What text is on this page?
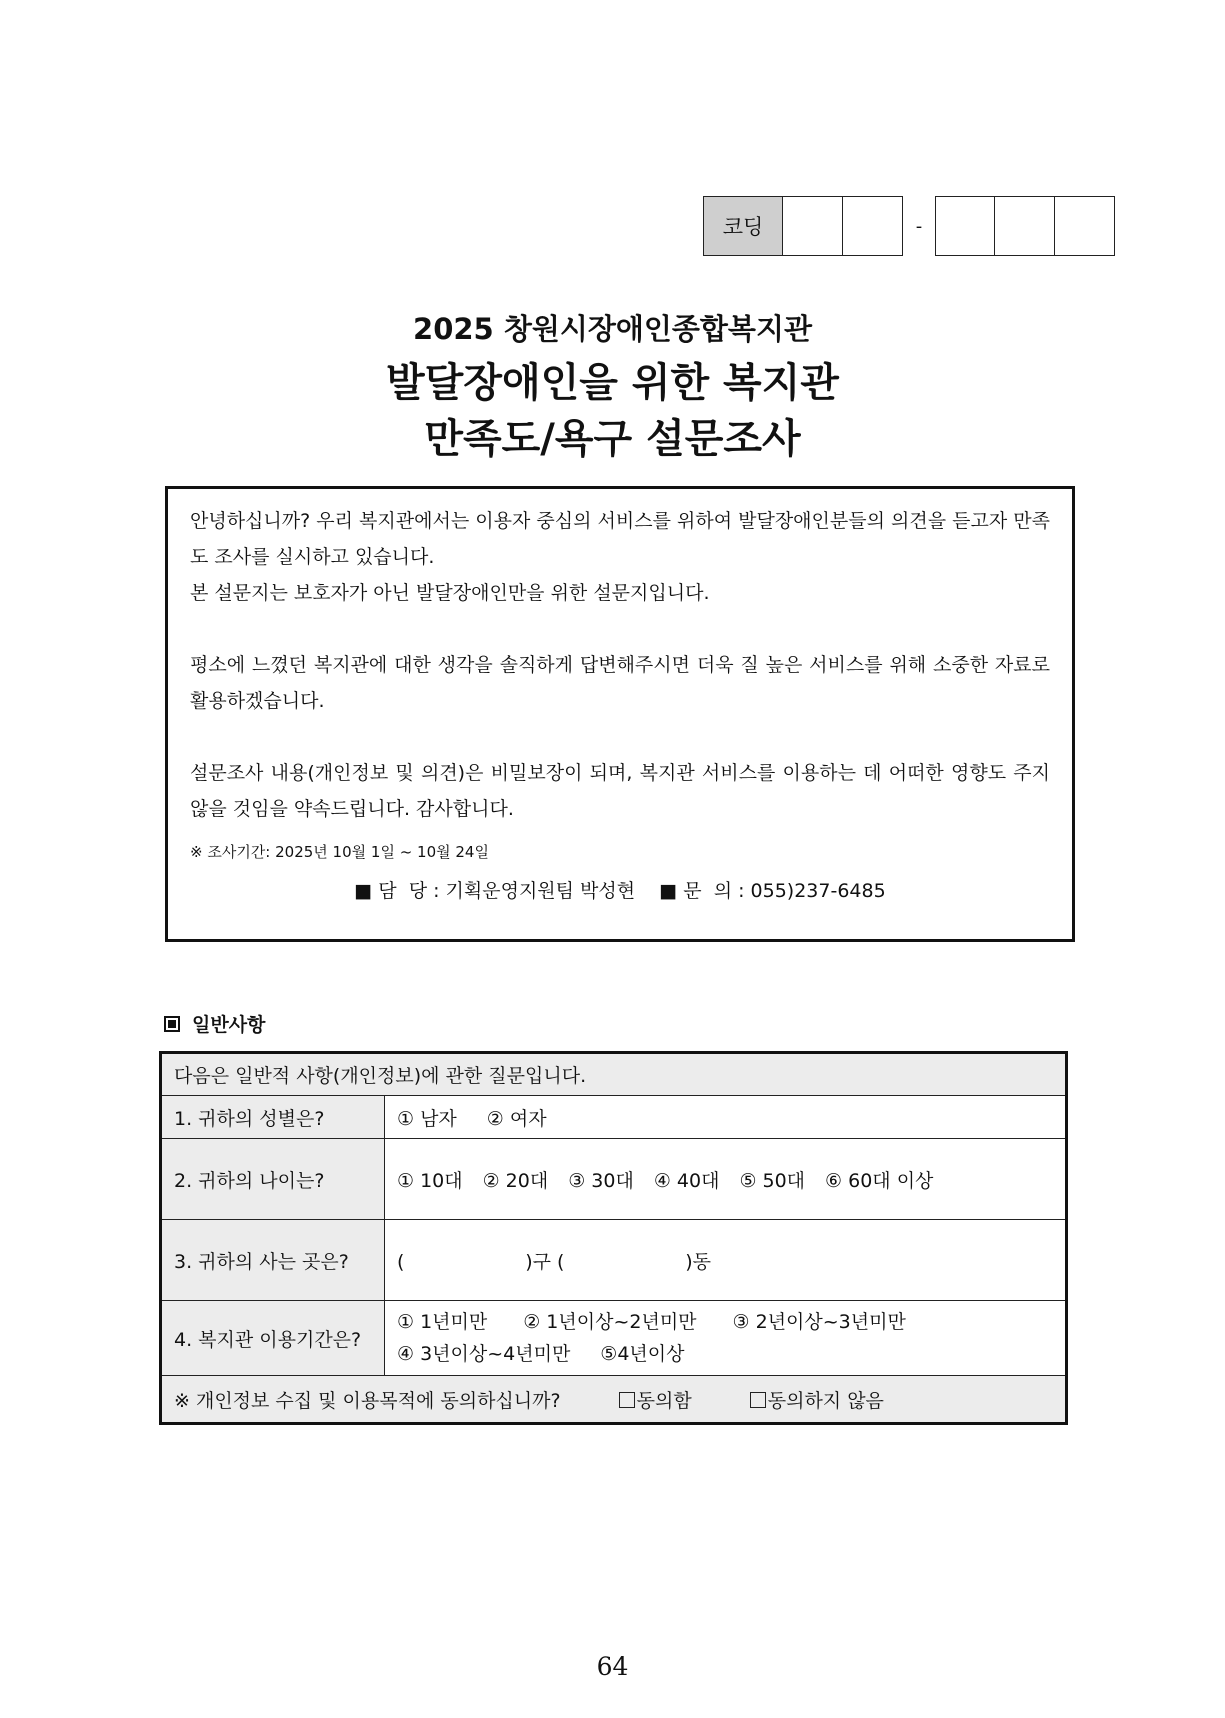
코딩	-
2025 창원시장애인종합복지관
발달장애인을 위한 복지관
만족도/욕구 설문조사

안녕하십니까? 우리 복지관에서는 이용자 중심의 서비스를 위하여 발달장애인분들의 의견을 듣고자 만족도 조사를 실시하고 있습니다.

본 설문지는 보호자가 아닌 발달장애인만을 위한 설문지입니다.

평소에 느꼈던 복지관에 대한 생각을 솔직하게 답변해주시면 더욱 질 높은 서비스를 위해 소중한 자료로 활용하겠습니다.

설문조사 내용(개인정보 및 의견)은 비밀보장이 되며, 복지관 서비스를 이용하는 데 어떠한 영향도 주지 않을 것임을 약속드립니다. 감사합니다.

※ 조사기간: 2025년 10월 1일 ~ 10월 24일

■ 담  당 : 기획운영지원팀 박성현    ■ 문  의 : 055)237-6485

일반사항
다음은 일반적 사항(개인정보)에 관한 질문입니다.	
1. 귀하의 성별은?	① 남자 ② 여자
2. 귀하의 나이는?	① 10대 ② 20대 ③ 30대 ④ 40대 ⑤ 50대 ⑥ 60대 이상
3. 귀하의 사는 곳은?	(                    )구 (                    )동
4. 복지관 이용기간은?	① 1년미만 ② 1년이상~2년미만 ③ 2년이상~3년미만
④ 3년이상~4년미만 ⑤4년이상

※ 개인정보 수집 및 이용목적에 동의하십니까? 동의함 동의하지 않음	
64
